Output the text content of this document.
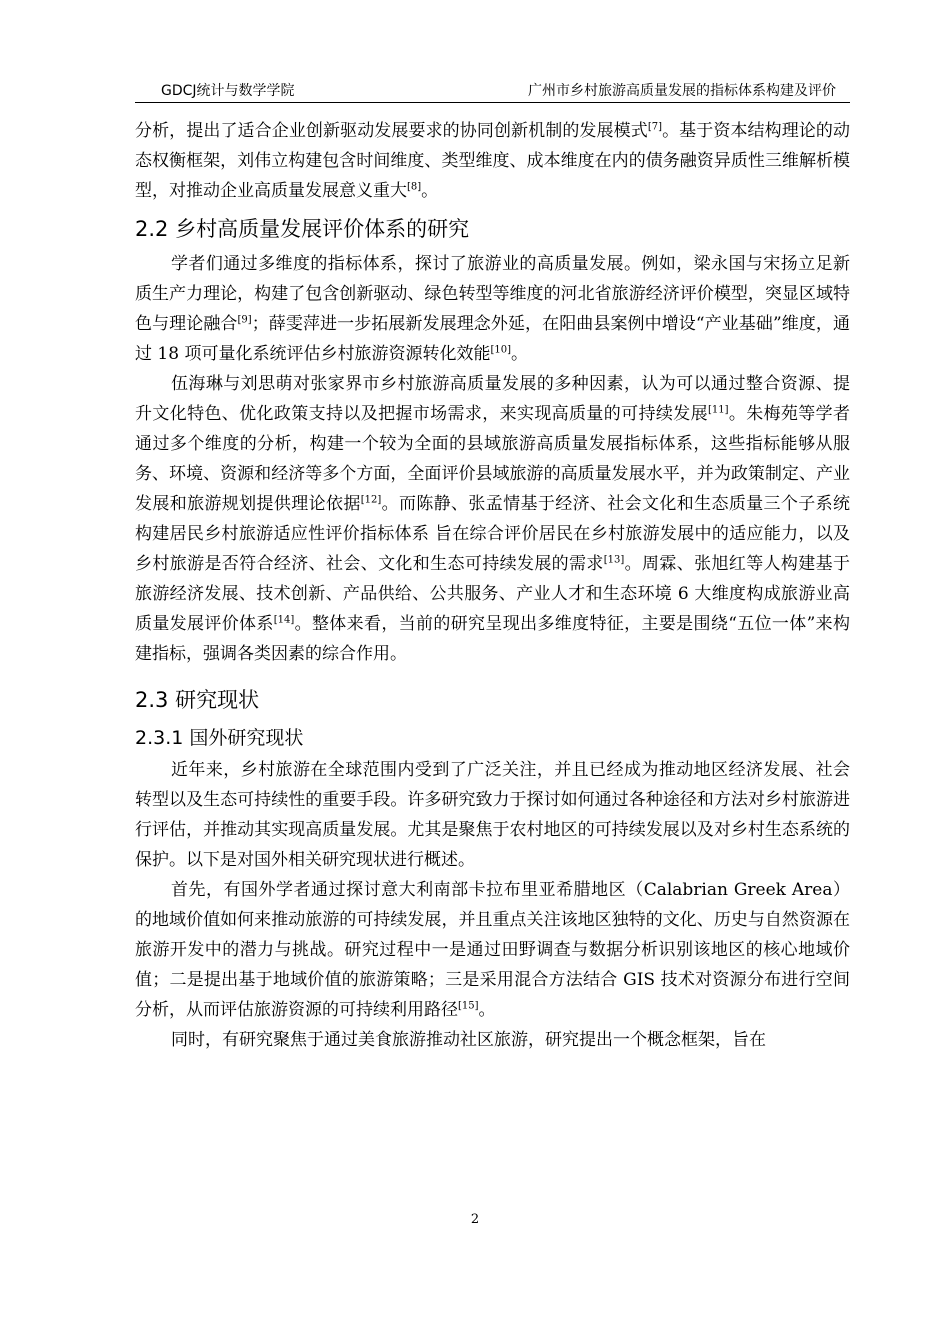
GDCJ统计与数学学院	广州市乡村旅游高质量发展的指标体系构建及评价

分析，提出了适合企业创新驱动发展要求的协同创新机制的发展模式[7]。基于资本结构理论的动态权衡框架，刘伟立构建包含时间维度、类型维度、成本维度在内的债务融资异质性三维解析模型，对推动企业高质量发展意义重大[8]。

2.2 乡村高质量发展评价体系的研究

学者们通过多维度的指标体系，探讨了旅游业的高质量发展。例如，梁永国与宋扬立足新质生产力理论，构建了包含创新驱动、绿色转型等维度的河北省旅游经济评价模型，突显区域特色与理论融合[9]；薛雯萍进一步拓展新发展理念外延，在阳曲县案例中增设“产业基础”维度，通过 18 项可量化系统评估乡村旅游资源转化效能[10]。

伍海琳与刘思萌对张家界市乡村旅游高质量发展的多种因素，认为可以通过整合资源、提升文化特色、优化政策支持以及把握市场需求，来实现高质量的可持续发展[11]。朱梅苑等学者通过多个维度的分析，构建一个较为全面的县域旅游高质量发展指标体系，这些指标能够从服务、环境、资源和经济等多个方面，全面评价县域旅游的高质量发展水平，并为政策制定、产业发展和旅游规划提供理论依据[12]。而陈静、张孟情基于经济、社会文化和生态质量三个子系统构建居民乡村旅游适应性评价指标体系 旨在综合评价居民在乡村旅游发展中的适应能力，以及乡村旅游是否符合经济、社会、文化和生态可持续发展的需求[13]。周霖、张旭红等人构建基于旅游经济发展、技术创新、产品供给、公共服务、产业人才和生态环境 6 大维度构成旅游业高质量发展评价体系[14]。整体来看，当前的研究呈现出多维度特征，主要是围绕“五位一体”来构建指标，强调各类因素的综合作用。

2.3 研究现状
2.3.1 国外研究现状

近年来，乡村旅游在全球范围内受到了广泛关注，并且已经成为推动地区经济发展、社会转型以及生态可持续性的重要手段。许多研究致力于探讨如何通过各种途径和方法对乡村旅游进行评估，并推动其实现高质量发展。尤其是聚焦于农村地区的可持续发展以及对乡村生态系统的保护。以下是对国外相关研究现状进行概述。

首先，有国外学者通过探讨意大利南部卡拉布里亚希腊地区（Calabrian Greek Area）的地域价值如何来推动旅游的可持续发展，并且重点关注该地区独特的文化、历史与自然资源在旅游开发中的潜力与挑战。研究过程中一是通过田野调查与数据分析识别该地区的核心地域价值；二是提出基于地域价值的旅游策略；三是采用混合方法结合 GIS 技术对资源分布进行空间分析，从而评估旅游资源的可持续利用路径[15]。

同时，有研究聚焦于通过美食旅游推动社区旅游，研究提出一个概念框架，旨在

2
